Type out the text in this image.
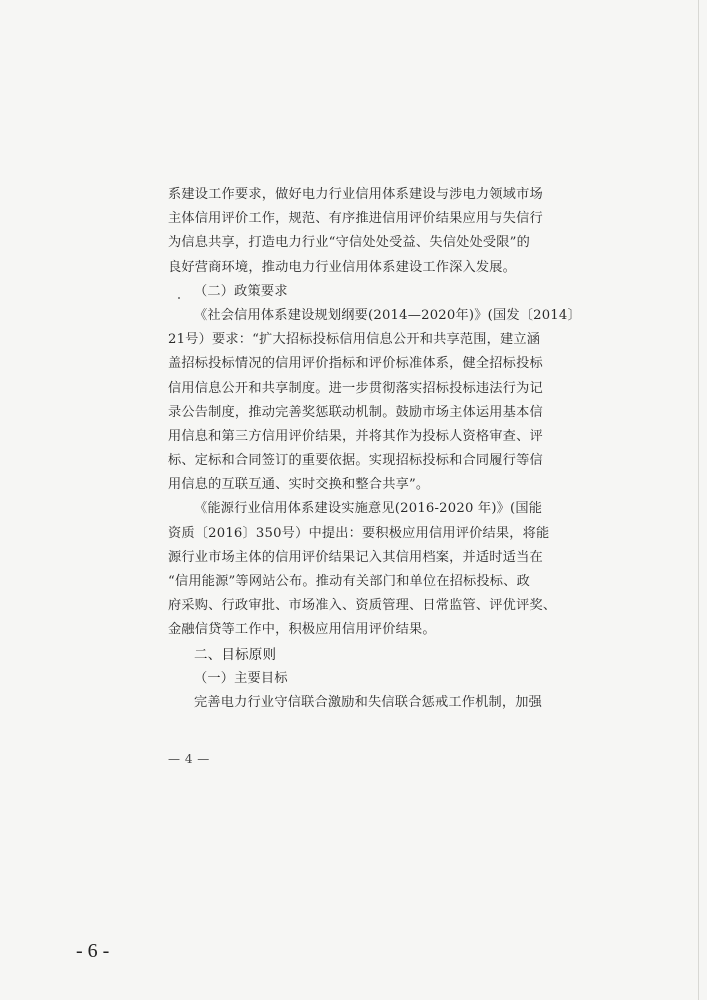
系建设工作要求，做好电力行业信用体系建设与涉电力领域市场
主体信用评价工作，规范、有序推进信用评价结果应用与失信行
为信息共享，打造电力行业“守信处处受益、失信处处受限”的
良好营商环境，推动电力行业信用体系建设工作深入发展。
（二）政策要求
《社会信用体系建设规划纲要(2014—2020年)》(国发〔2014〕
21号）要求：“扩大招标投标信用信息公开和共享范围，建立涵
盖招标投标情况的信用评价指标和评价标准体系，健全招标投标
信用信息公开和共享制度。进一步贯彻落实招标投标违法行为记
录公告制度，推动完善奖惩联动机制。鼓励市场主体运用基本信
用信息和第三方信用评价结果，并将其作为投标人资格审查、评
标、定标和合同签订的重要依据。实现招标投标和合同履行等信
用信息的互联互通、实时交换和整合共享”。
《能源行业信用体系建设实施意见(2016-2020 年)》(国能
资质〔2016〕350号）中提出：要积极应用信用评价结果，将能
源行业市场主体的信用评价结果记入其信用档案，并适时适当在
“信用能源”等网站公布。推动有关部门和单位在招标投标、政
府采购、行政审批、市场准入、资质管理、日常监管、评优评奖、
金融信贷等工作中，积极应用信用评价结果。
二、目标原则
（一）主要目标
完善电力行业守信联合激励和失信联合惩戒工作机制，加强
— 4 —
- 6 -
